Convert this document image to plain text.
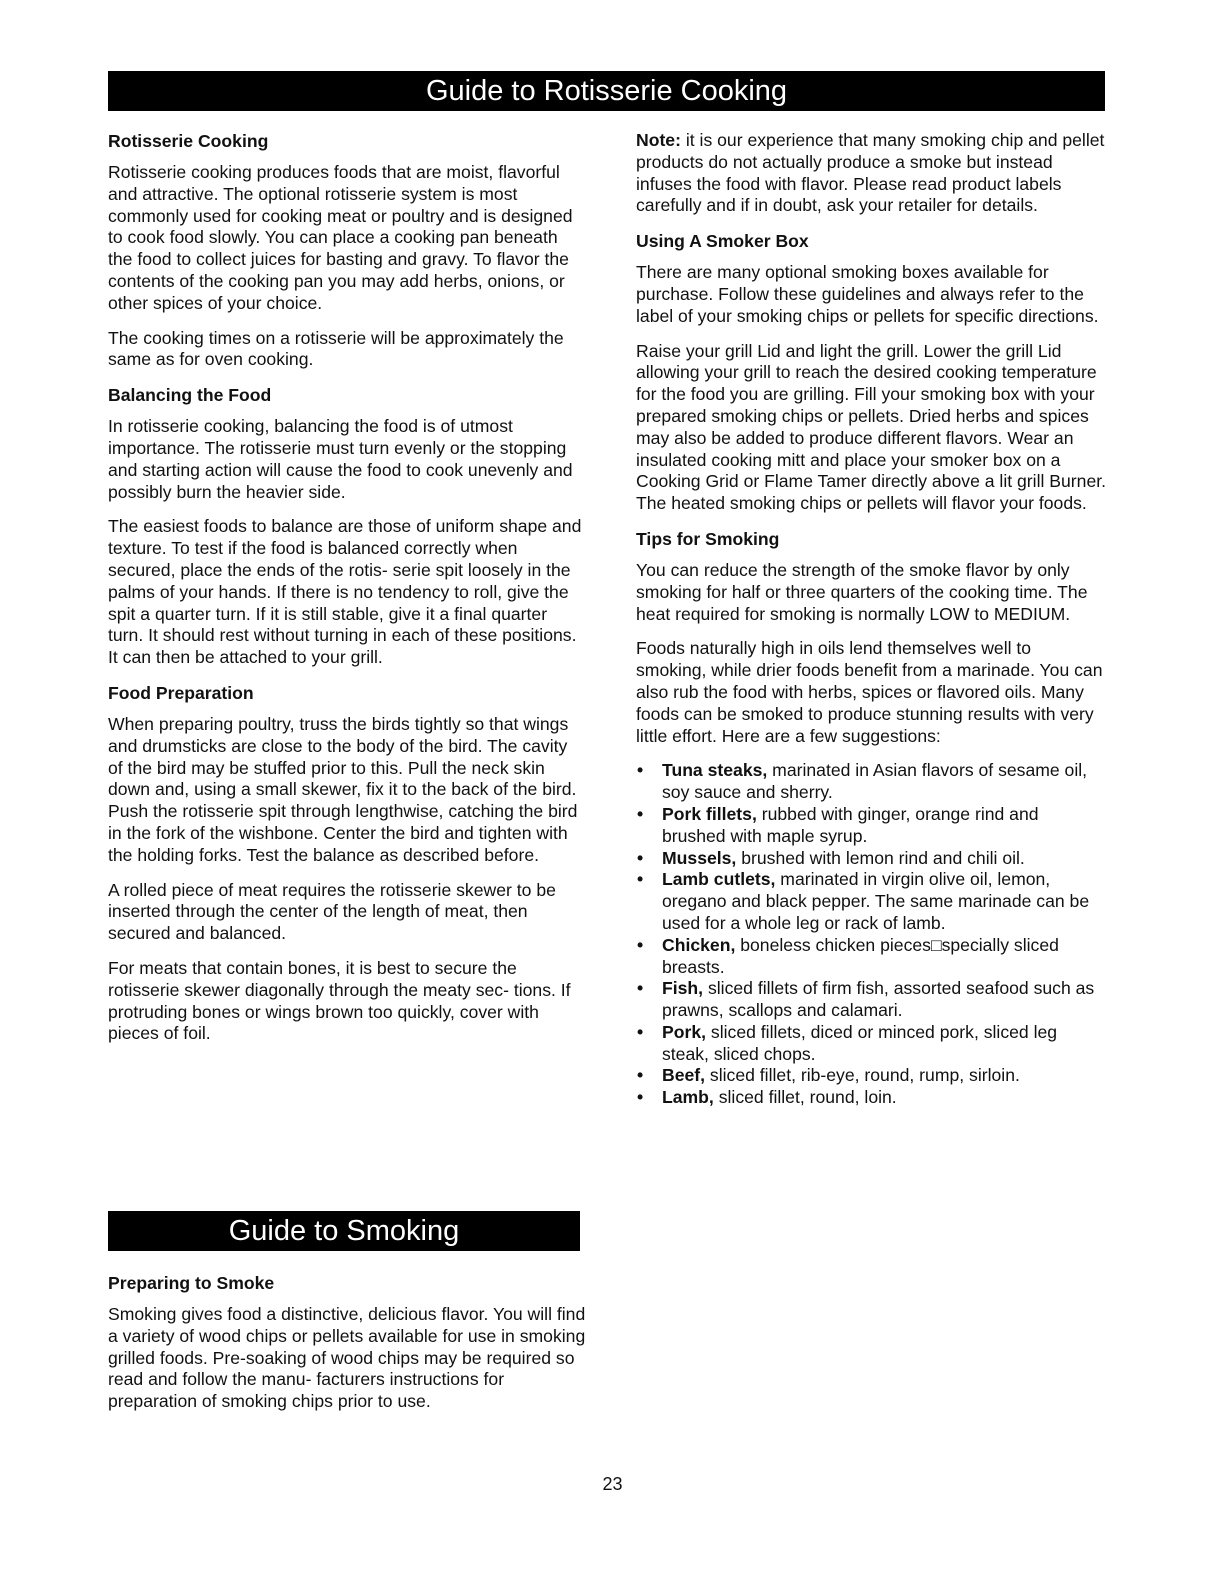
Guide to Rotisserie Cooking
Rotisserie Cooking

Rotisserie cooking produces foods that are moist, flavorful and attractive. The optional rotisserie system is most commonly used for cooking meat or poultry and is designed to cook food slowly. You can place a cooking pan beneath the food to collect juices for basting and gravy. To flavor the contents of the cooking pan you may add herbs, onions, or other spices of your choice.

The cooking times on a rotisserie will be approximately the same as for oven cooking.

Balancing the Food

In rotisserie cooking, balancing the food is of utmost importance. The rotisserie must turn evenly or the stopping and starting action will cause the food to cook unevenly and possibly burn the heavier side.

The easiest foods to balance are those of uniform shape and texture. To test if the food is balanced correctly when secured, place the ends of the rotis- serie spit loosely in the palms of your hands. If there is no tendency to roll, give the spit a quarter turn. If it is still stable, give it a final quarter turn. It should rest without turning in each of these positions. It can then be attached to your grill.

Food Preparation

When preparing poultry, truss the birds tightly so that wings and drumsticks are close to the body of the bird. The cavity of the bird may be stuffed prior to this. Pull the neck skin down and, using a small skewer, fix it to the back of the bird. Push the rotisserie spit through lengthwise, catching the bird in the fork of the wishbone. Center the bird and tighten with the holding forks. Test the balance as described before.

A rolled piece of meat requires the rotisserie skewer to be inserted through the center of the length of meat, then secured and balanced.

For meats that contain bones, it is best to secure the rotisserie skewer diagonally through the meaty sec- tions. If protruding bones or wings brown too quickly, cover with pieces of foil.

Guide to Smoking
Preparing to Smoke

Smoking gives food a distinctive, delicious flavor. You will find a variety of wood chips or pellets available for use in smoking grilled foods. Pre-soaking of wood chips may be required so read and follow the manu- facturers instructions for preparation of smoking chips prior to use.

Note: it is our experience that many smoking chip and pellet products do not actually produce a smoke but instead infuses the food with flavor. Please read product labels carefully and if in doubt, ask your retailer for details.

Using A Smoker Box

There are many optional smoking boxes available for purchase. Follow these guidelines and always refer to the label of your smoking chips or pellets for specific directions.

Raise your grill Lid and light the grill. Lower the grill Lid allowing your grill to reach the desired cooking temperature for the food you are grilling. Fill your smoking box with your prepared smoking chips or pellets. Dried herbs and spices may also be added to produce different flavors. Wear an insulated cooking mitt and place your smoker box on a Cooking Grid or Flame Tamer directly above a lit grill Burner. The heated smoking chips or pellets will flavor your foods.

Tips for Smoking

You can reduce the strength of the smoke flavor by only smoking for half or three quarters of the cooking time. The heat required for smoking is normally LOW to MEDIUM.

Foods naturally high in oils lend themselves well to smoking, while drier foods benefit from a marinade. You can also rub the food with herbs, spices or flavored oils. Many foods can be smoked to produce stunning results with very little effort. Here are a few suggestions:

• Tuna steaks, marinated in Asian flavors of sesame oil, soy sauce and sherry.
• Pork fillets, rubbed with ginger, orange rind and brushed with maple syrup.
• Mussels, brushed with lemon rind and chili oil.
• Lamb cutlets, marinated in virgin olive oil, lemon, oregano and black pepper. The same marinade can be used for a whole leg or rack of lamb.
• Chicken, boneless chicken pieces□specially sliced breasts.
• Fish, sliced fillets of firm fish, assorted seafood such as prawns, scallops and calamari.
• Pork, sliced fillets, diced or minced pork, sliced leg steak, sliced chops.
• Beef, sliced fillet, rib-eye, round, rump, sirloin.
• Lamb, sliced fillet, round, loin.
23
